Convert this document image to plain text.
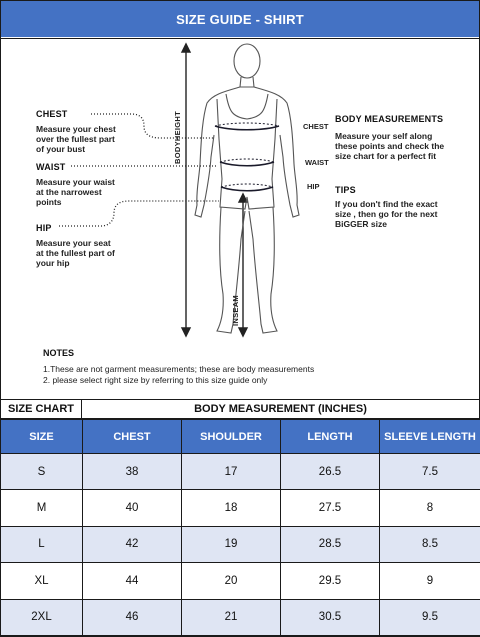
SIZE GUIDE - SHIRT
CHEST
Measure your chest
over the fullest part
of your bust
WAIST
Measure your waist
at the narrowest
points
HIP
Measure your seat
at the fullest part of
your hip
BODYHEIGHT
INSEAM
CHEST
WAIST
HIP
BODY MEASUREMENTS
Measure your self along
these points and check the
size chart for a perfect fit
TIPS
If you don't find the exact
size , then go for the next
BiGGER size
NOTES
1.These are not garment measurements; these are body measurements
2. please select right size by referring to this size guide only
SIZE CHART	BODY MEASUREMENT (INCHES)
SIZE	CHEST	SHOULDER	LENGTH	SLEEVE LENGTH
S	38	17	26.5	7.5
M	40	18	27.5	8
L	42	19	28.5	8.5
XL	44	20	29.5	9
2XL	46	21	30.5	9.5
